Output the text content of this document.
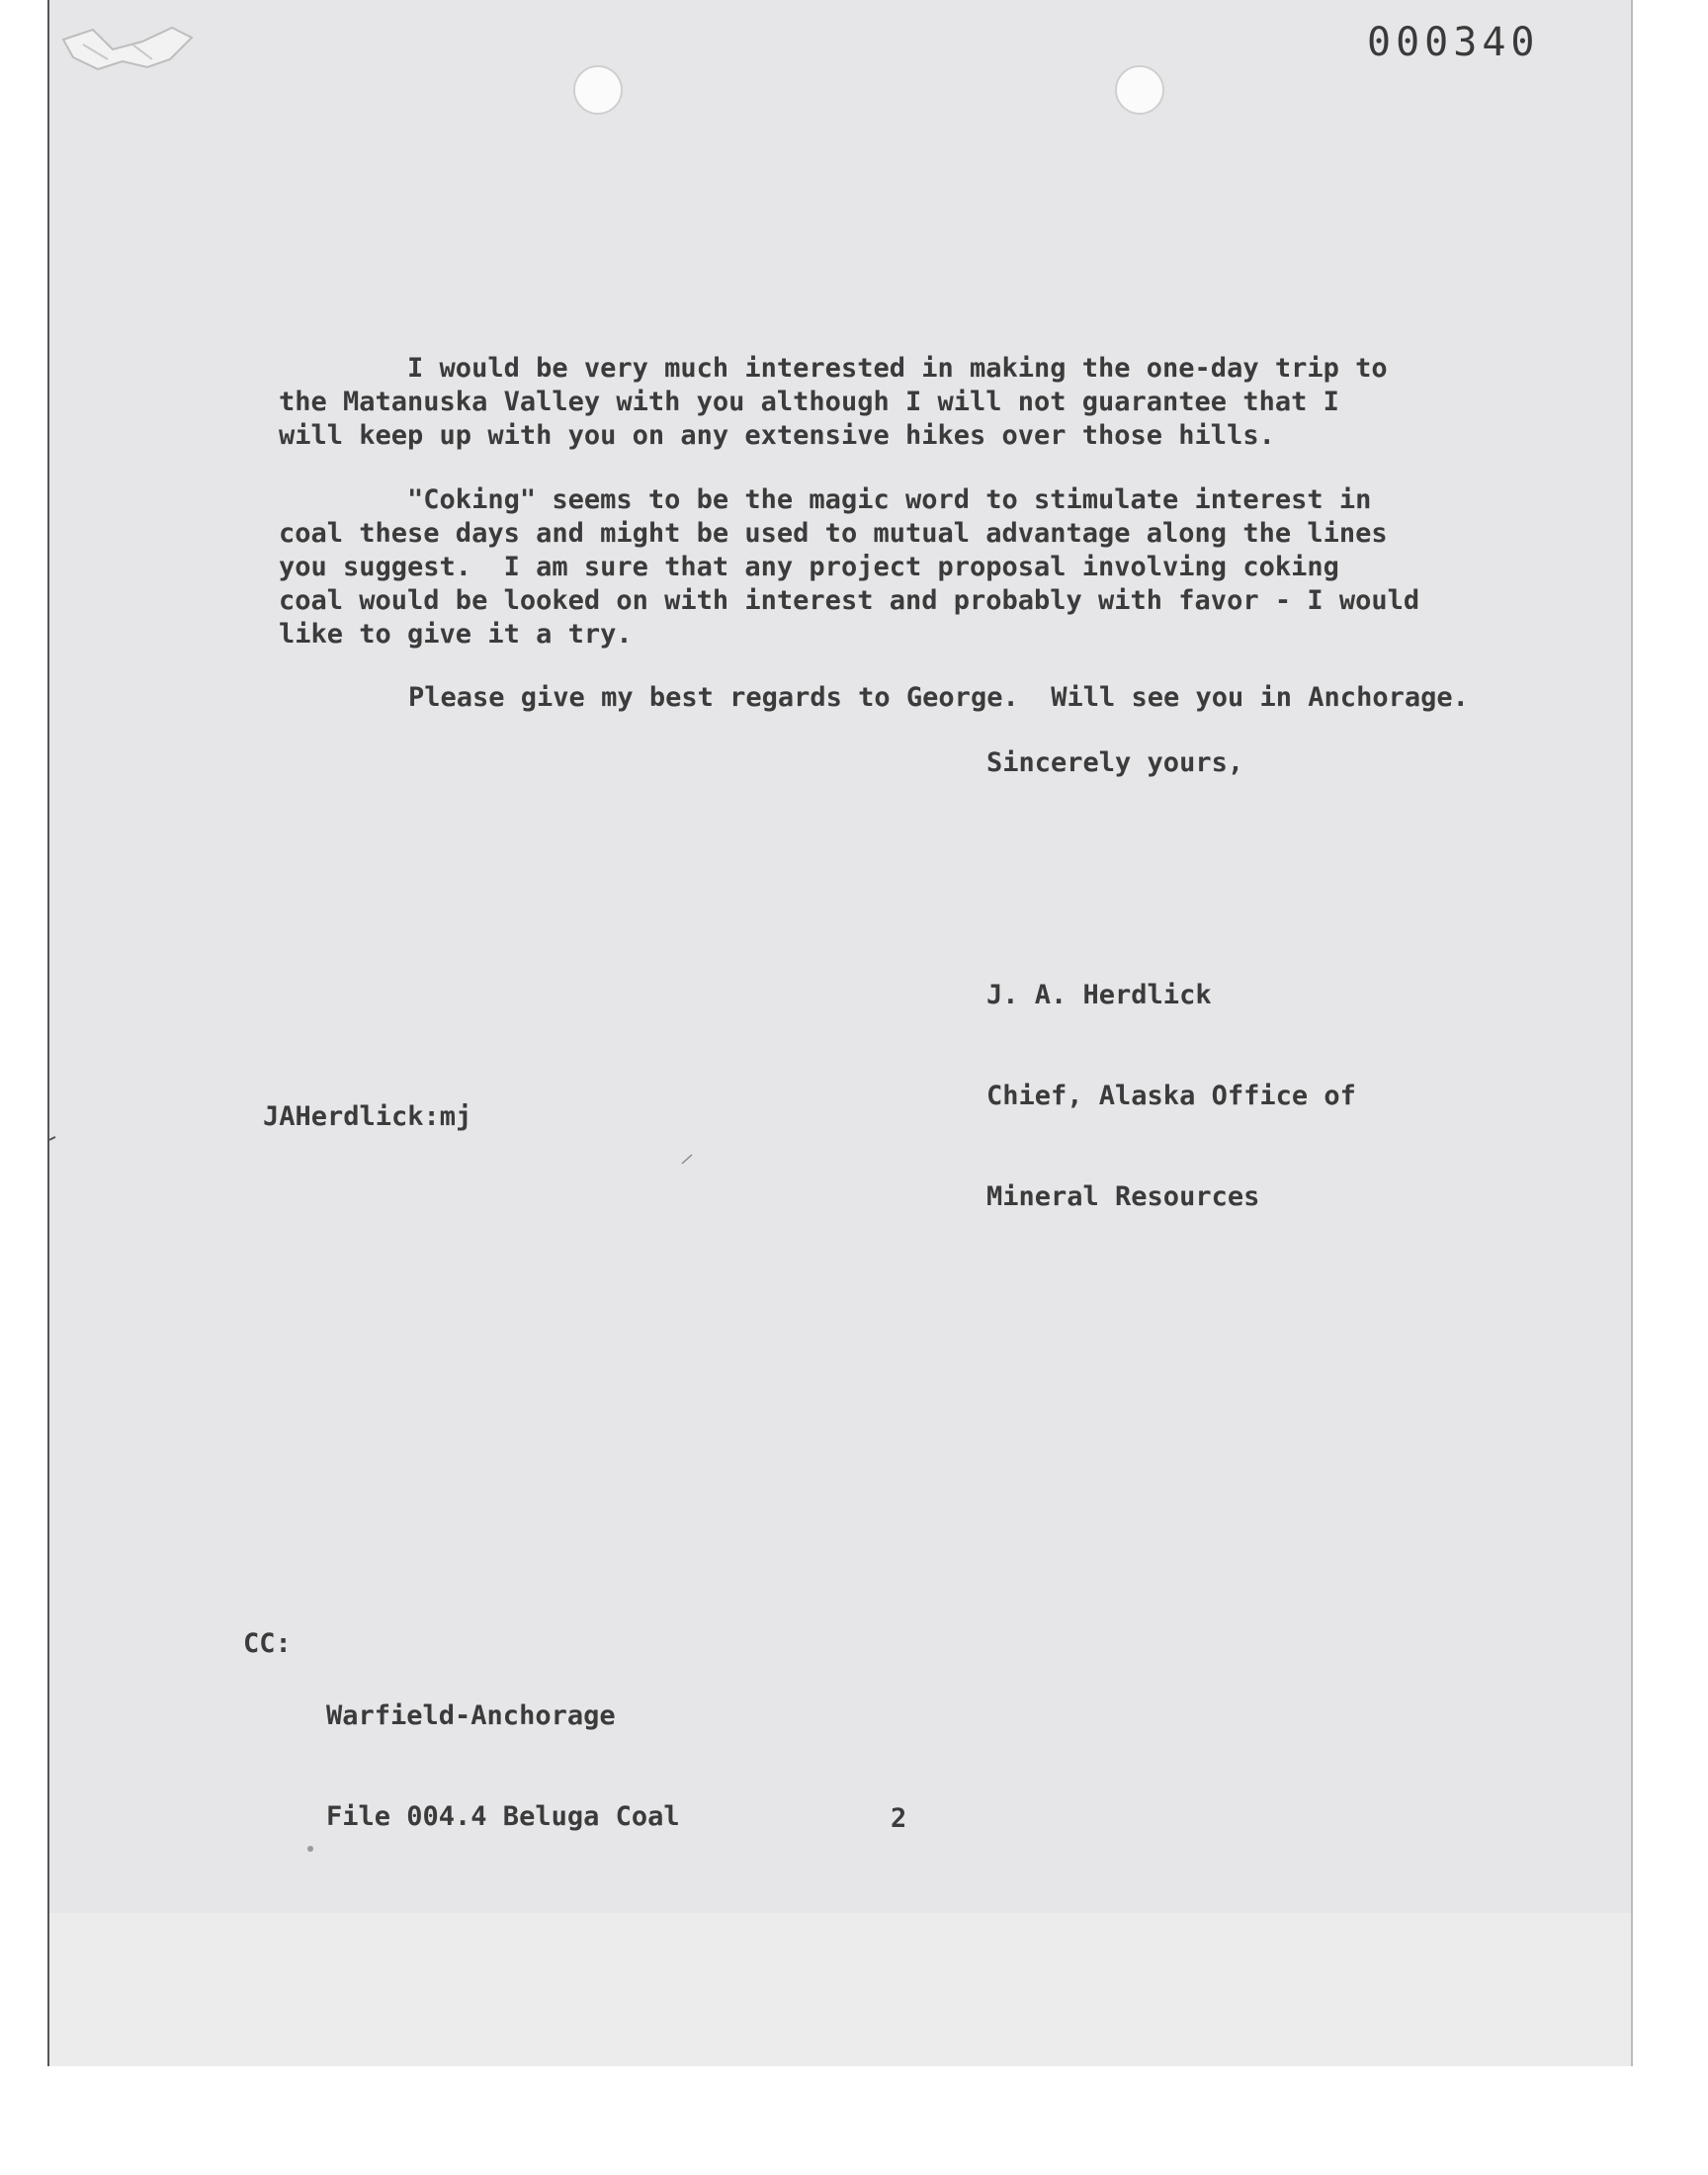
000340
I would be very much interested in making the one-day trip to
the Matanuska Valley with you although I will not guarantee that I
will keep up with you on any extensive hikes over those hills.
"Coking" seems to be the magic word to stimulate interest in
coal these days and might be used to mutual advantage along the lines
you suggest.  I am sure that any project proposal involving coking
coal would be looked on with interest and probably with favor - I would
like to give it a try.
Please give my best regards to George.  Will see you in Anchorage.
Sincerely yours,

J. A. Herdlick

Chief, Alaska Office of

Mineral Resources

JAHerdlick:mj
CC:

Warfield-Anchorage

File 004.4 Beluga Coal

	2
